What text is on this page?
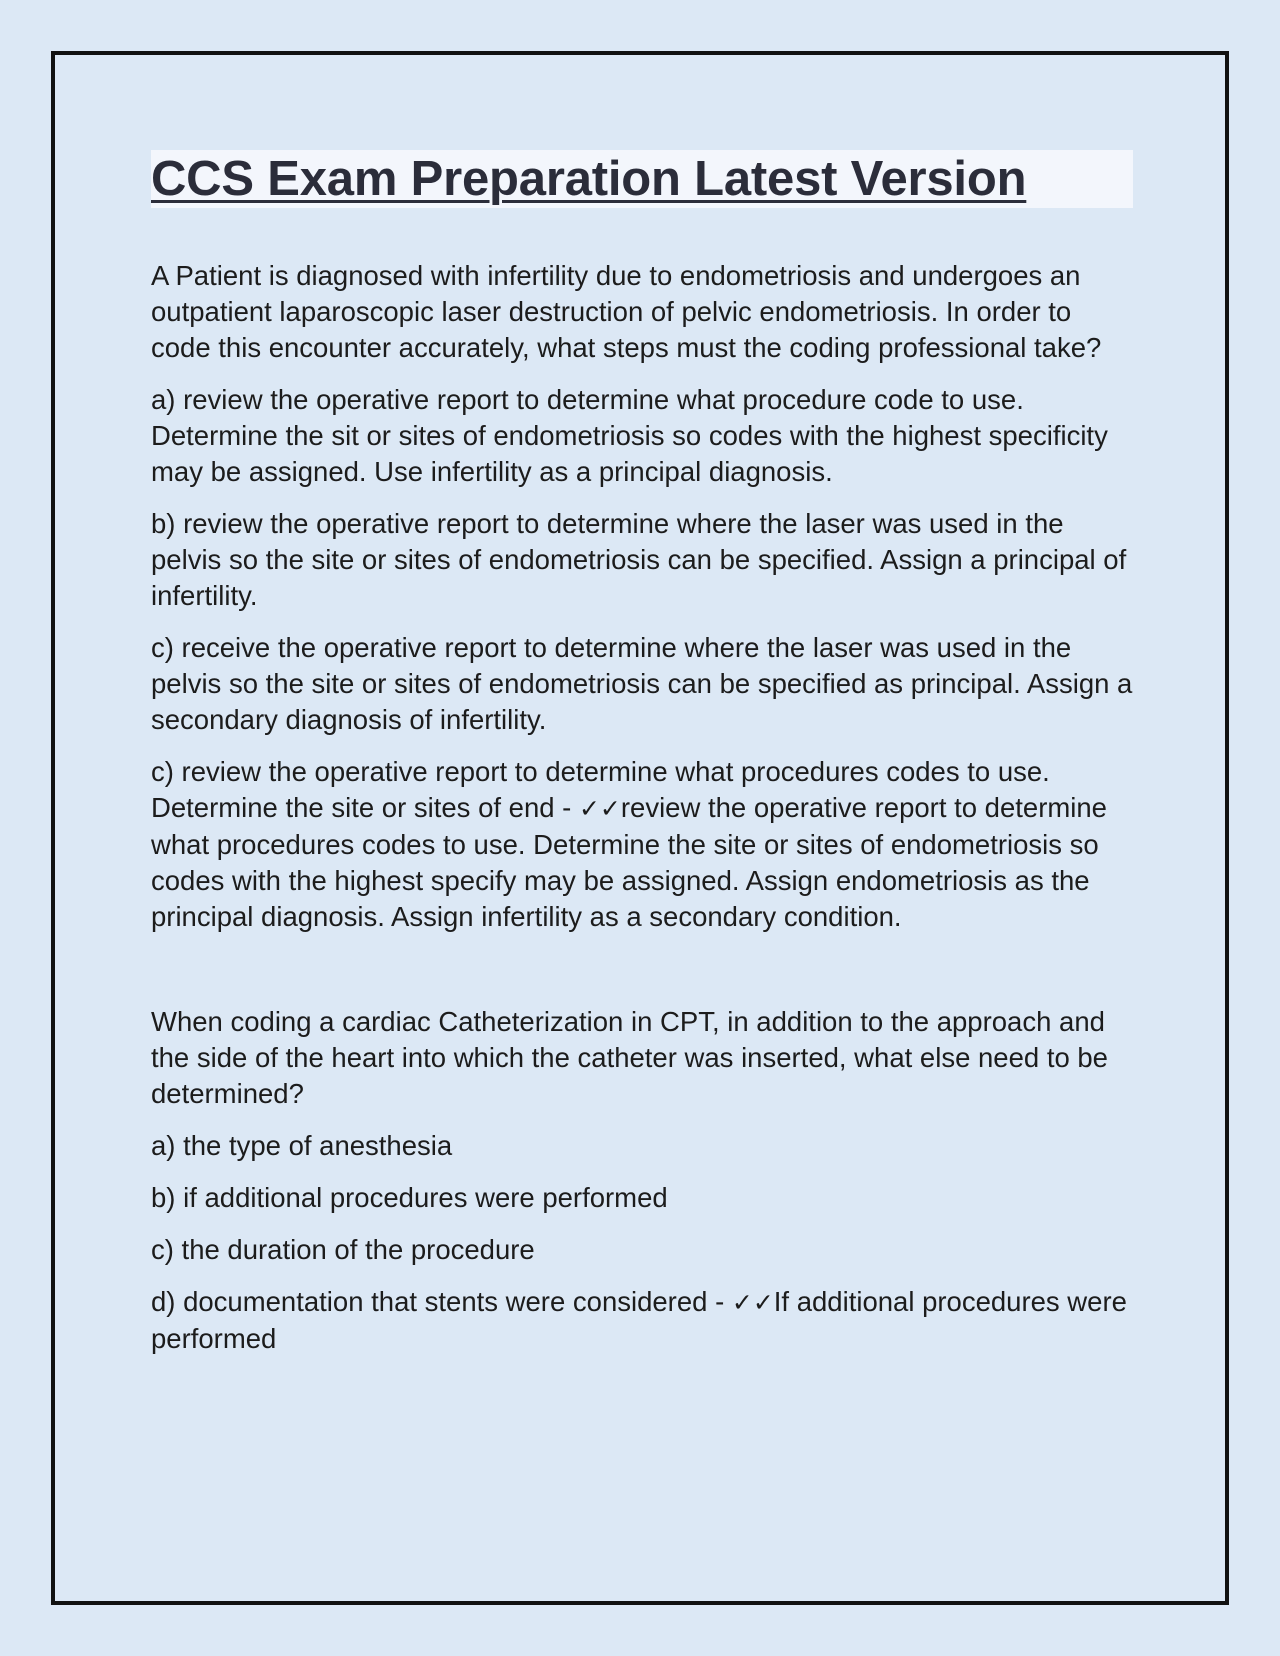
CCS Exam Preparation Latest Version

A Patient is diagnosed with infertility due to endometriosis and undergoes an outpatient laparoscopic laser destruction of pelvic endometriosis. In order to code this encounter accurately, what steps must the coding professional take?

a) review the operative report to determine what procedure code to use. Determine the sit or sites of endometriosis so codes with the highest specificity may be assigned. Use infertility as a principal diagnosis.

b) review the operative report to determine where the laser was used in the pelvis so the site or sites of endometriosis can be specified. Assign a principal of infertility.

c) receive the operative report to determine where the laser was used in the pelvis so the site or sites of endometriosis can be specified as principal. Assign a secondary diagnosis of infertility.

c) review the operative report to determine what procedures codes to use. Determine the site or sites of end - ✓✓review the operative report to determine what procedures codes to use. Determine the site or sites of endometriosis so codes with the highest specify may be assigned. Assign endometriosis as the principal diagnosis. Assign infertility as a secondary condition.

When coding a cardiac Catheterization in CPT, in addition to the approach and the side of the heart into which the catheter was inserted, what else need to be determined?

a) the type of anesthesia

b) if additional procedures were performed

c) the duration of the procedure

d) documentation that stents were considered - ✓✓If additional procedures were performed
